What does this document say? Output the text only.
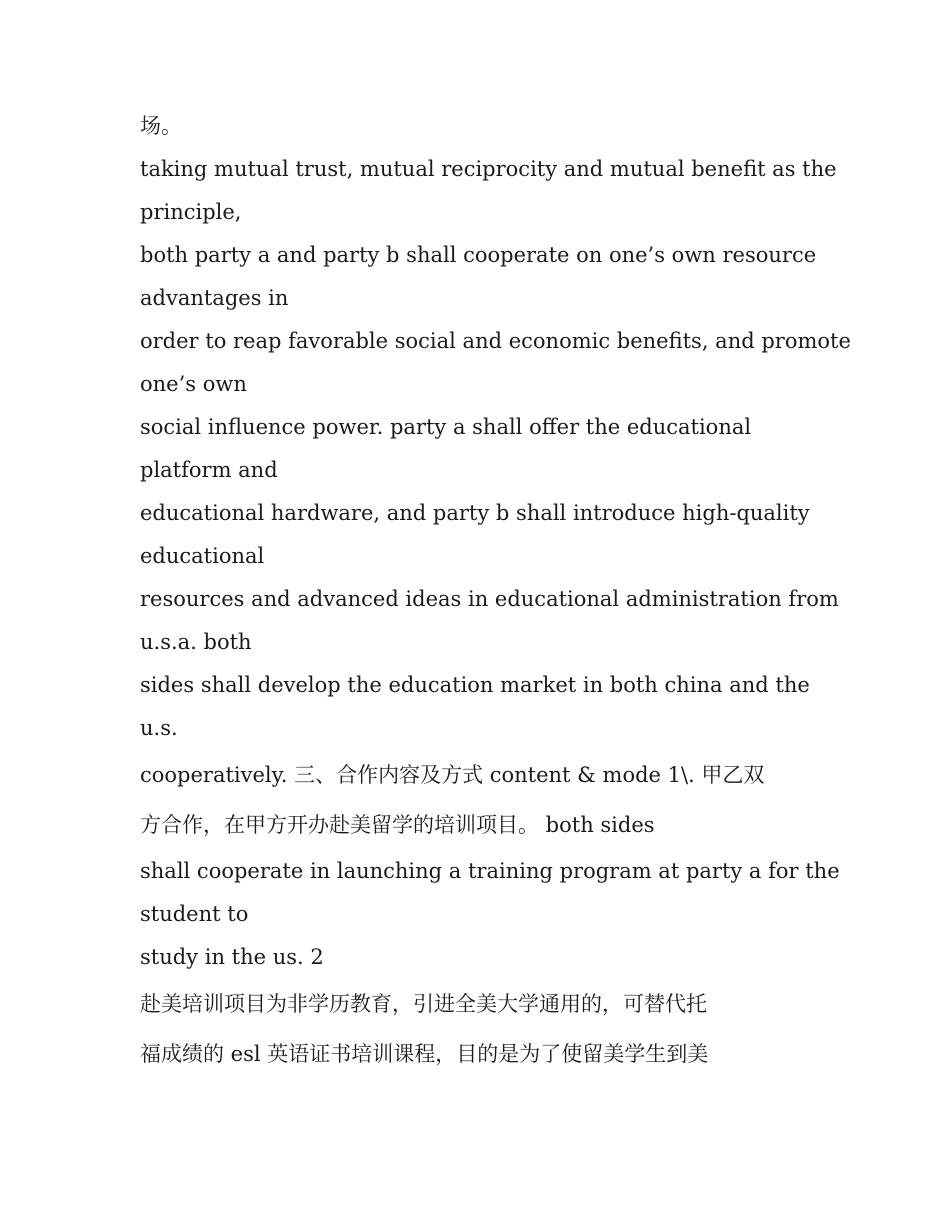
场。
taking mutual trust, mutual reciprocity and mutual benefit as the
principle,
both party a and party b shall cooperate on one’s own resource
advantages in
order to reap favorable social and economic benefits, and promote
one’s own
social influence power. party a shall offer the educational
platform and
educational hardware, and party b shall introduce high-quality
educational
resources and advanced ideas in educational administration from
u.s.a. both
sides shall develop the education market in both china and the
u.s.
cooperatively. 三、合作内容及方式 content & mode 1\. 甲乙双
方合作，在甲方开办赴美留学的培训项目。 both sides
shall cooperate in launching a training program at party a for the
student to
study in the us. 2
赴美培训项目为非学历教育，引进全美大学通用的，可替代托
福成绩的 esl 英语证书培训课程，目的是为了使留美学生到美
